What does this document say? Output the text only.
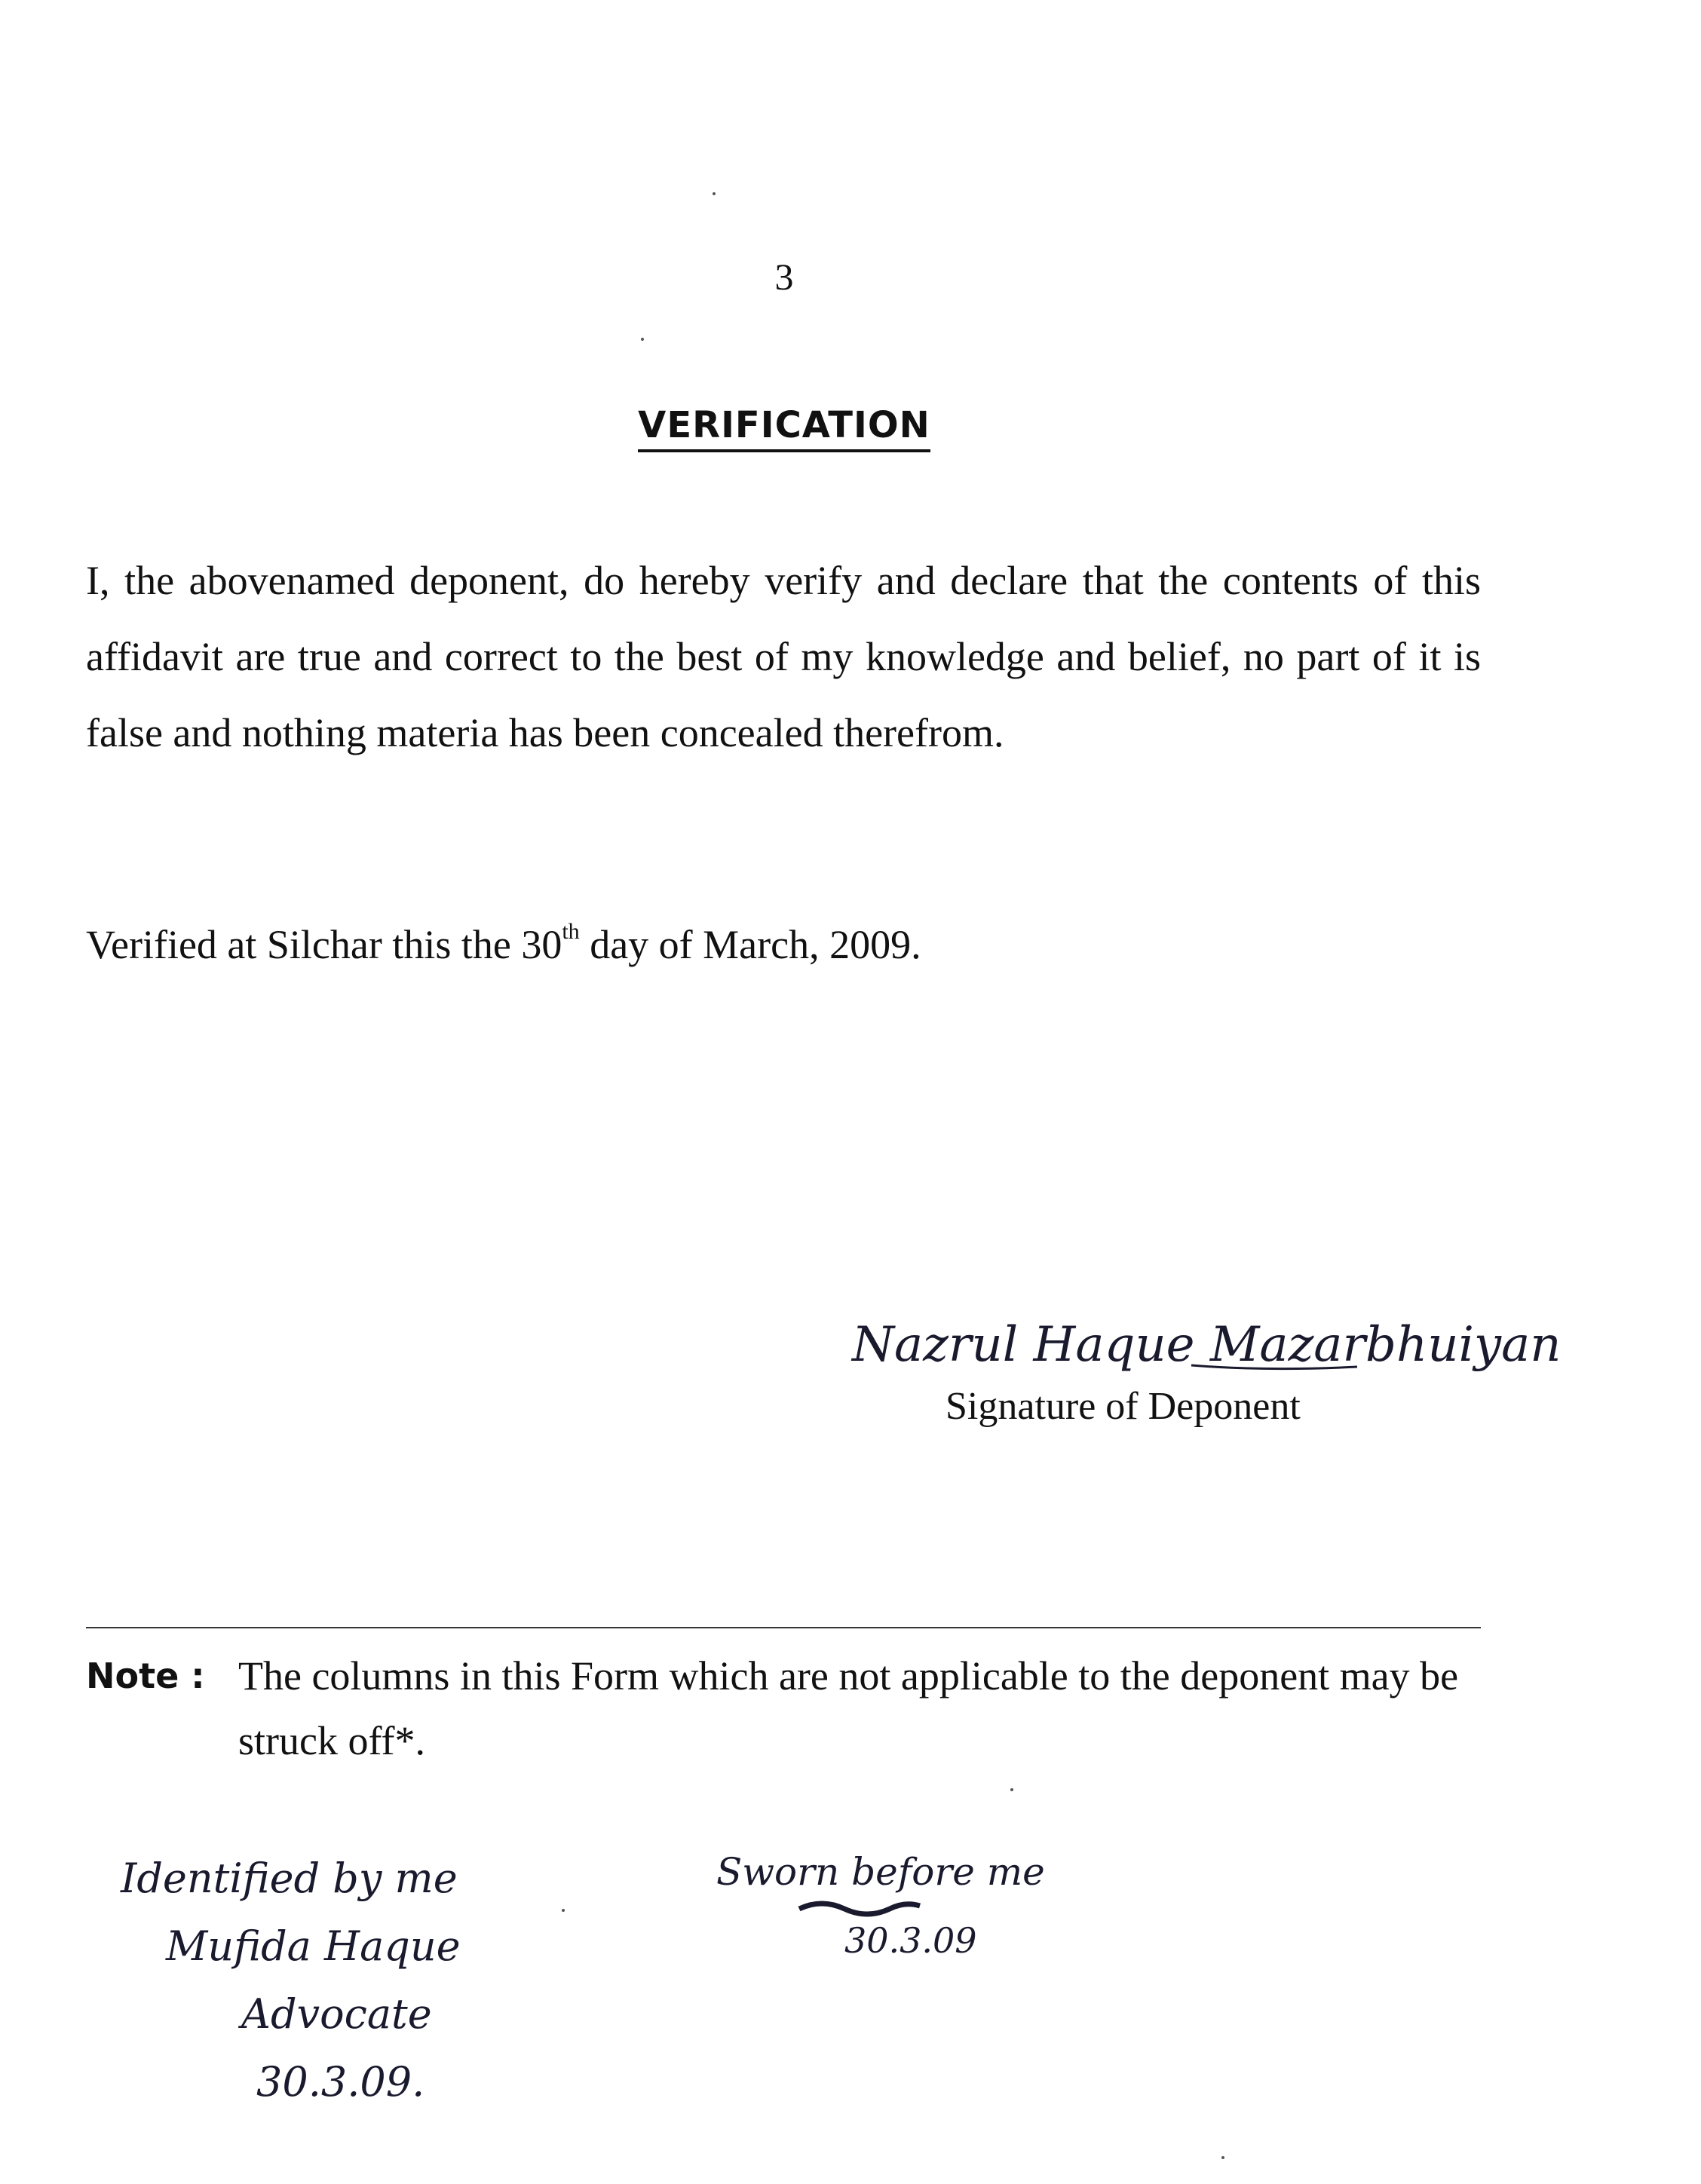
3
VERIFICATION
I, the abovenamed deponent, do hereby verify and declare that the contents of this affidavit are true and correct to the best of my knowledge and belief, no part of it is false and nothing materia has been concealed therefrom.
Verified at Silchar this the 30th day of March, 2009.
Nazrul Haque Mazarbhuiyan
Signature of Deponent
Note : The columns in this Form which are not applicable to the deponent may be struck off*.
Identified by me
Mufida Haque
Advocate
30.3.09.
Sworn before me
30.3.09
